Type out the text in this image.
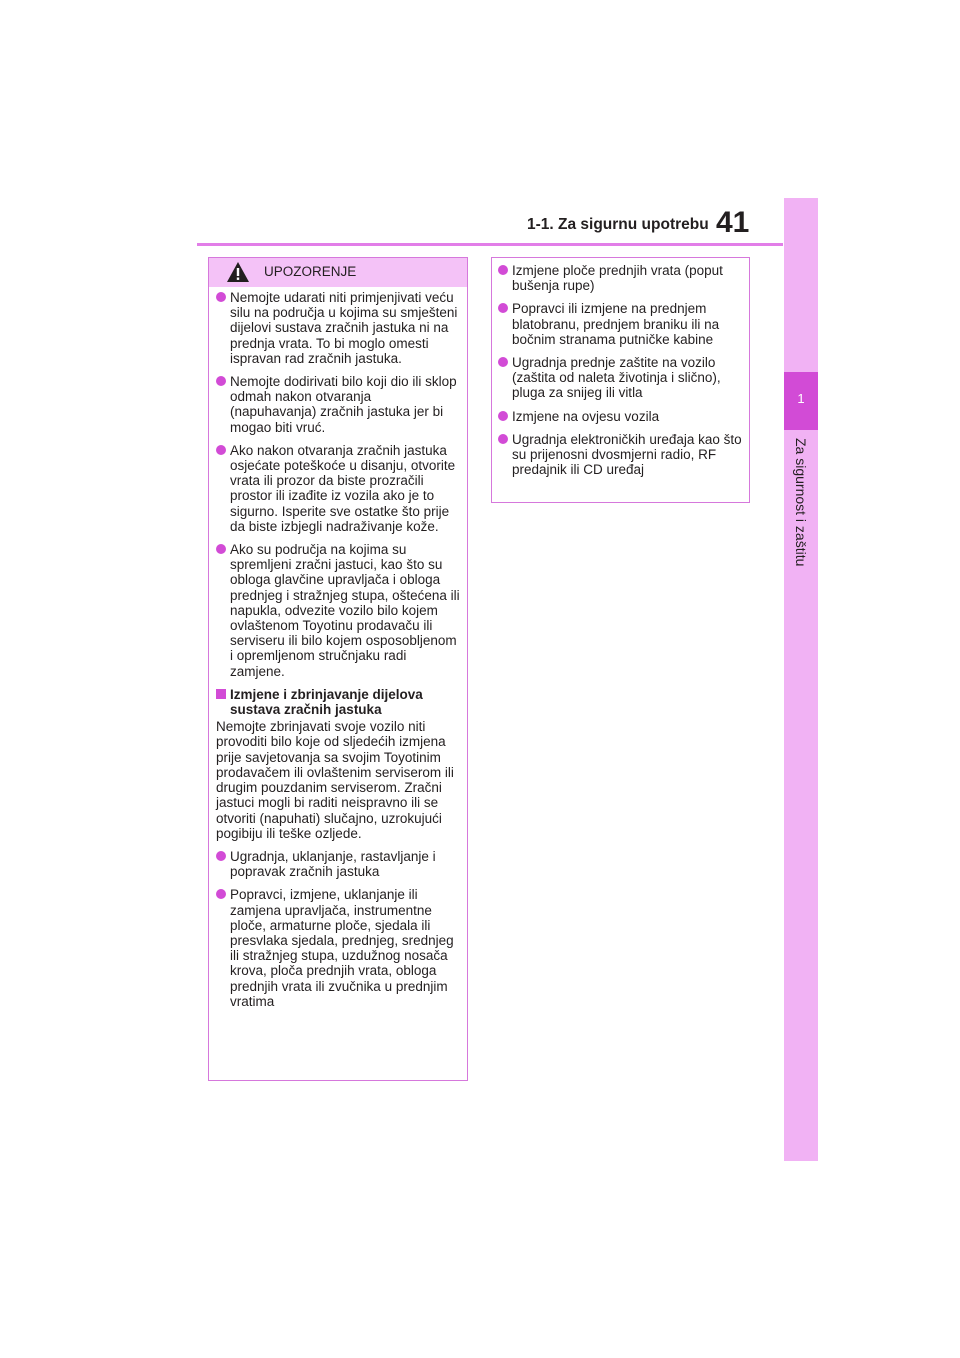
1-1. Za sigurnu upotrebu 41
1
Za sigurnost i zaštitu
UPOZORENJE
Nemojte udarati niti primjenjivati veću silu na područja u kojima su smješteni dijelovi sustava zračnih jastuka ni na prednja vrata. To bi moglo omesti ispravan rad zračnih jastuka.
Nemojte dodirivati bilo koji dio ili sklop odmah nakon otvaranja (napuhavanja) zračnih jastuka jer bi mogao biti vruć.
Ako nakon otvaranja zračnih jastuka osjećate poteškoće u disanju, otvorite vrata ili prozor da biste prozračili prostor ili izađite iz vozila ako je to sigurno. Isperite sve ostatke što prije da biste izbjegli nadraživanje kože.
Ako su područja na kojima su spremljeni zračni jastuci, kao što su obloga glavčine upravljača i obloga prednjeg i stražnjeg stupa, oštećena ili napukla, odvezite vozilo bilo kojem ovlaštenom Toyotinu prodavaču ili serviseru ili bilo kojem osposobljenom i opremljenom stručnjaku radi zamjene.
Izmjene i zbrinjavanje dijelova sustava zračnih jastuka
Nemojte zbrinjavati svoje vozilo niti provoditi bilo koje od sljedećih izmjena prije savjetovanja sa svojim Toyotinim prodavačem ili ovlaštenim serviserom ili drugim pouzdanim serviserom. Zračni jastuci mogli bi raditi neispravno ili se otvoriti (napuhati) slučajno, uzrokujući pogibiju ili teške ozljede.
Ugradnja, uklanjanje, rastavljanje i popravak zračnih jastuka
Popravci, izmjene, uklanjanje ili zamjena upravljača, instrumentne ploče, armaturne ploče, sjedala ili presvlaka sjedala, prednjeg, srednjeg ili stražnjeg stupa, uzdužnog nosača krova, ploča prednjih vrata, obloga prednjih vrata ili zvučnika u prednjim vratima
Izmjene ploče prednjih vrata (poput bušenja rupe)
Popravci ili izmjene na prednjem blatobranu, prednjem braniku ili na bočnim stranama putničke kabine
Ugradnja prednje zaštite na vozilo (zaštita od naleta životinja i slično), pluga za snijeg ili vitla
Izmjene na ovjesu vozila
Ugradnja elektroničkih uređaja kao što su prijenosni dvosmjerni radio, RF predajnik ili CD uređaj
